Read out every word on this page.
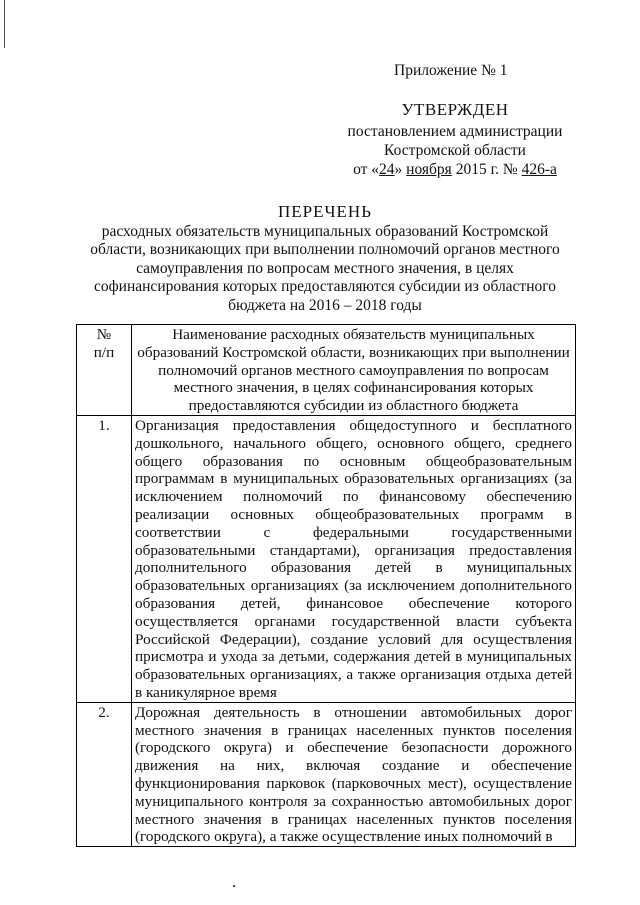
Приложение № 1
УТВЕРЖДЕН
постановлением администрации
Костромской области
от «24» ноября 2015 г. № 426-а
ПЕРЕЧЕНЬ
расходных обязательств муниципальных образований Костромской области, возникающих при выполнении полномочий органов местного самоуправления по вопросам местного значения, в целях софинансирования которых предоставляются субсидии из областного бюджета на 2016 – 2018 годы
№
п/п	Наименование расходных обязательств муниципальных образований Костромской области, возникающих при выполнении полномочий органов местного самоуправления по вопросам местного значения, в целях софинансирования которых предоставляются субсидии из областного бюджета
1.	Организация предоставления общедоступного и бесплатного дошкольного, начального общего, основного общего, среднего общего образования по основным общеобразовательным программам в муниципальных образовательных организациях (за исключением полномочий по финансовому обеспечению реализации основных общеобразовательных программ в соответствии с федеральными государственными образовательными стандартами), организация предоставления дополнительного образования детей в муниципальных образовательных организациях (за исключением дополнительного образования детей, финансовое обеспечение которого осуществляется органами государственной власти субъекта Российской Федерации), создание условий для осуществления присмотра и ухода за детьми, содержания детей в муниципальных образовательных организациях, а также организация отдыха детей в каникулярное время
2.	Дорожная деятельность в отношении автомобильных дорог местного значения в границах населенных пунктов поселения (городского округа) и обеспечение безопасности дорожного движения на них, включая создание и обеспечение функционирования парковок (парковочных мест), осуществление муниципального контроля за сохранностью автомобильных дорог местного значения в границах населенных пунктов поселения (городского округа), а также осуществление иных полномочий в
